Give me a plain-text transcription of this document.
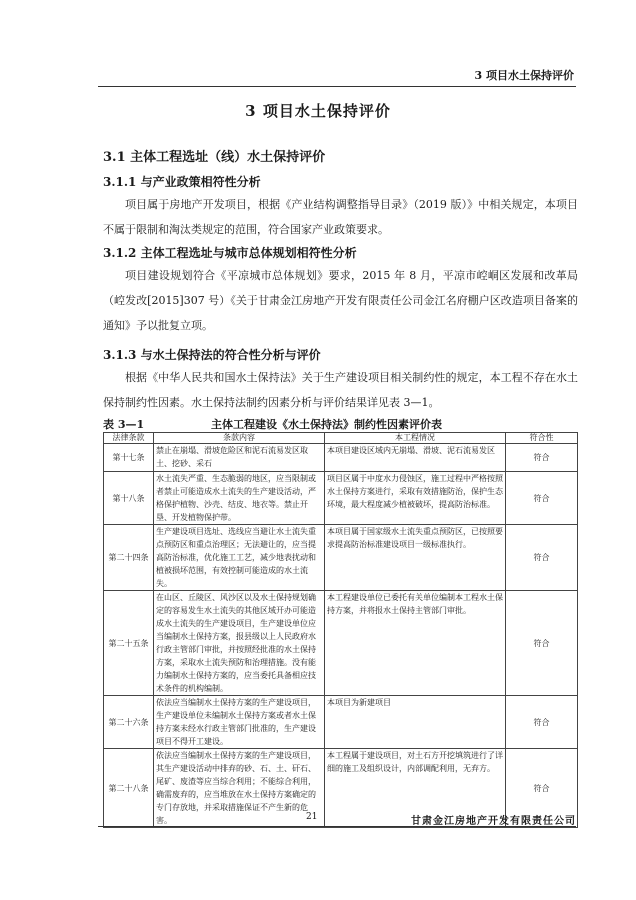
3 项目水土保持评价
3 项目水土保持评价
3.1 主体工程选址（线）水土保持评价
3.1.1 与产业政策相符性分析
项目属于房地产开发项目，根据《产业结构调整指导目录》（2019 版）》中相关规定，本项目不属于限制和淘汰类规定的范围，符合国家产业政策要求。
3.1.2 主体工程选址与城市总体规划相符性分析
项目建设规划符合《平凉城市总体规划》要求，2015 年 8 月，平凉市崆峒区发展和改革局（崆发改[2015]307 号）《关于甘肃金江房地产开发有限责任公司金江名府棚户区改造项目备案的通知》予以批复立项。
3.1.3 与水土保持法的符合性分析与评价
根据《中华人民共和国水土保持法》关于生产建设项目相关制约性的规定，本工程不存在水土保持制约性因素。水土保持法制约因素分析与评价结果详见表 3—1。
表 3—1	主体工程建设《水土保持法》制约性因素评价表
法律条款	条款内容	本工程情况	符合性
第十七条	禁止在崩塌、滑坡危险区和泥石流易发区取土、挖砂、采石	本项目建设区域内无崩塌、滑坡、泥石流易发区	符合
第十八条	水土流失严重、生态脆弱的地区，应当限制或者禁止可能造成水土流失的生产建设活动，严格保护植物、沙壳、结皮、地衣等。禁止开垦、开发植物保护带。	项目区属于中度水力侵蚀区，施工过程中严格按照水土保持方案进行，采取有效措施防治，保护生态环境，最大程度减少植被破坏，提高防治标准。	符合
第二十四条	生产建设项目选址、选线应当避让水土流失重点预防区和重点治理区；无法避让的，应当提高防治标准，优化施工工艺，减少地表扰动和植被损坏范围，有效控制可能造成的水土流失。	本项目属于国家级水土流失重点预防区，已按照要求提高防治标准建设项目一级标准执行。	符合
第二十五条	在山区、丘陵区、风沙区以及水土保持规划确定的容易发生水土流失的其他区域开办可能造成水土流失的生产建设项目，生产建设单位应当编制水土保持方案，报县级以上人民政府水行政主管部门审批，并按照经批准的水土保持方案，采取水土流失预防和治理措施。没有能力编制水土保持方案的，应当委托具备相应技术条件的机构编制。	本工程建设单位已委托有关单位编制本工程水土保持方案，并将报水土保持主管部门审批。	符合
第二十六条	依法应当编制水土保持方案的生产建设项目，生产建设单位未编制水土保持方案或者水土保持方案未经水行政主管部门批准的，生产建设项目不得开工建设。	本项目为新建项目	符合
第二十八条	依法应当编制水土保持方案的生产建设项目，其生产建设活动中排弃的砂、石、土、矸石、尾矿、废渣等应当综合利用；不能综合利用，确需废弃的，应当堆放在水土保持方案确定的专门存放地，并采取措施保证不产生新的危害。	本工程属于建设项目，对土石方开挖填筑进行了详细的施工及组织设计，内部调配利用，无弃方。	符合
21	甘肃金江房地产开发有限责任公司
